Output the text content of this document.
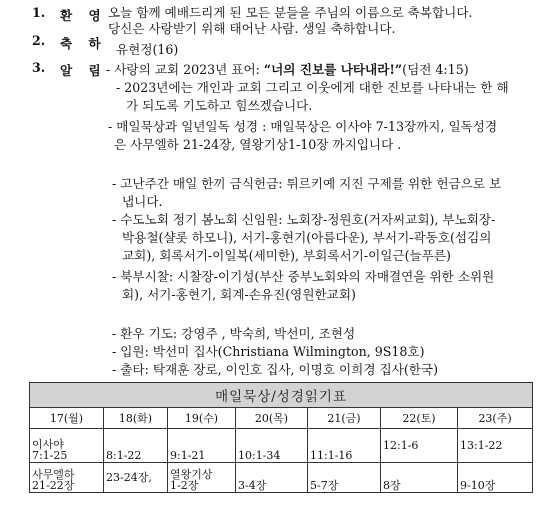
1. 환 영
2. 축 하
3. 알 림
오늘 함께 예배드리게 된 모든 분들을 주님의 이름으로 축복합니다.
당신은 사랑받기 위해 태어난 사람. 생일 축하합니다.
유현정(16)
- 사랑의 교회 2023년 표어: “너의 진보를 나타내라!”(딤전 4:15)
- 2023년에는 개인과 교회 그리고 이웃에게 대한 진보를 나타내는 한 해
가 되도록 기도하고 힘쓰겠습니다.
- 매일묵상과 일년일독 성경 : 매일묵상은 이사야 7-13장까지, 일독성경
은 사무엘하 21-24장, 열왕기상1-10장 까지입니다 .
- 고난주간 매일 한끼 금식헌금: 튀르키예 지진 구제를 위한 헌금으로 보
냅니다.
- 수도노회 정기 봄노회 신임원: 노회장-정원호(거자씨교회), 부노회장-
박용철(샬롯 하모니), 서기-홍현기(아름다운), 부서기-곽동호(섬김의
교회), 회록서기-이일복(세미한), 부회록서기-이일근(늘푸른)
- 북부시찰: 시찰장-이기성(부산 중부노회와의 자매결연을 위한 소위원
회), 서기-홍현기, 회계-손유진(영원한교회)
- 환우 기도: 강영주 , 박숙희, 박선미, 조현성
- 입원: 박선미 집사(Christiana Wilmington, 9S18호)
- 출타: 탁재훈 장로, 이인호 집사, 이명호 이희경 집사(한국)
매일묵상/성경읽기표						
17(월)	18(화)	19(수)	20(목)	21(금)	22(토)	23(주)

이사야
7:1-25	8:1-22	9:1-21	10:1-34	11:1-16	12:1-6	13:1-22

사무엘하
21-22장	23-24장,	열왕기상
1-2장	3-4장	5-7장	8장	9-10장
